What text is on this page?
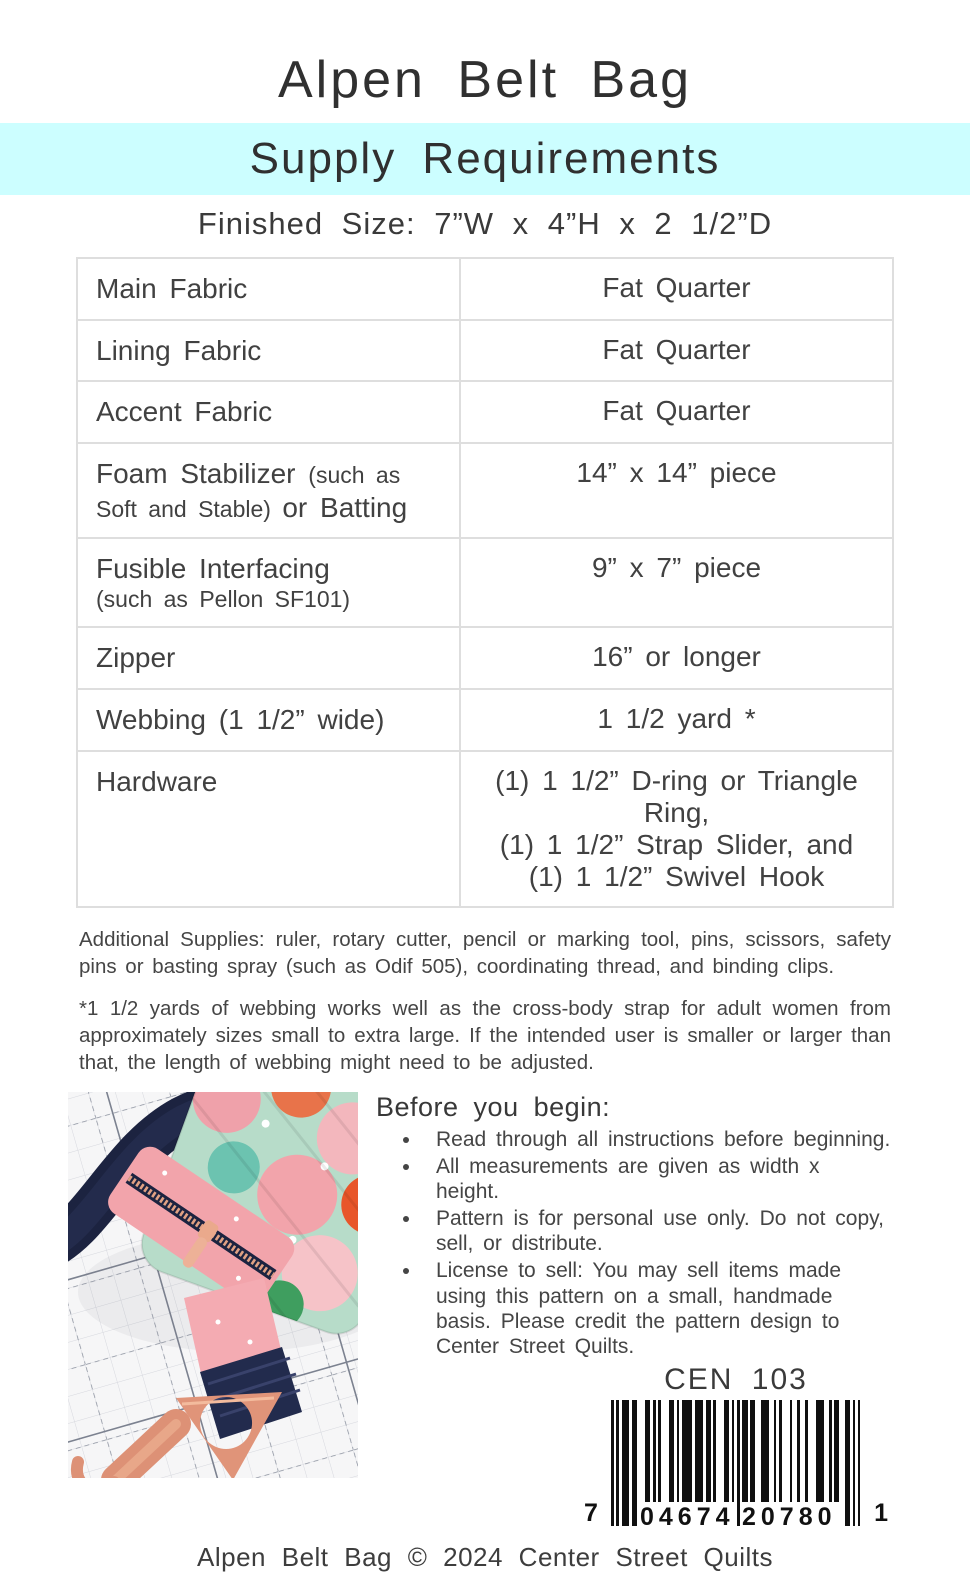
Alpen Belt Bag
Supply Requirements
Finished Size: 7”W x 4”H x 2 1/2”D
Main Fabric	Fat Quarter

Lining Fabric	Fat Quarter

Accent Fabric	Fat Quarter

Foam Stabilizer (such as Soft and Stable) or Batting	14” x 14” piece

Fusible Interfacing
(such as Pellon SF101)	9” x 7” piece

Zipper	16” or longer

Webbing (1 1/2” wide)	1 1/2 yard *

Hardware	(1) 1 1/2” D-ring or Triangle Ring,
(1) 1 1/2” Strap Slider, and
(1) 1 1/2” Swivel Hook

Additional Supplies: ruler, rotary cutter, pencil or marking tool, pins, scissors, safety pins or basting spray (such as Odif 505), coordinating thread, and binding clips.

*1 1/2 yards of webbing works well as the cross-body strap for adult women from approximately sizes small to extra large. If the intended user is smaller or larger than that, the length of webbing might need to be adjusted.

Before you begin:
• Read through all instructions before beginning.
• All measurements are given as width x height.
• Pattern is for personal use only. Do not copy, sell, or distribute.
• License to sell: You may sell items made using this pattern on a small, handmade basis. Please credit the pattern design to Center Street Quilts.
CEN 103
7 04674 20780 1
Alpen Belt Bag © 2024 Center Street Quilts
